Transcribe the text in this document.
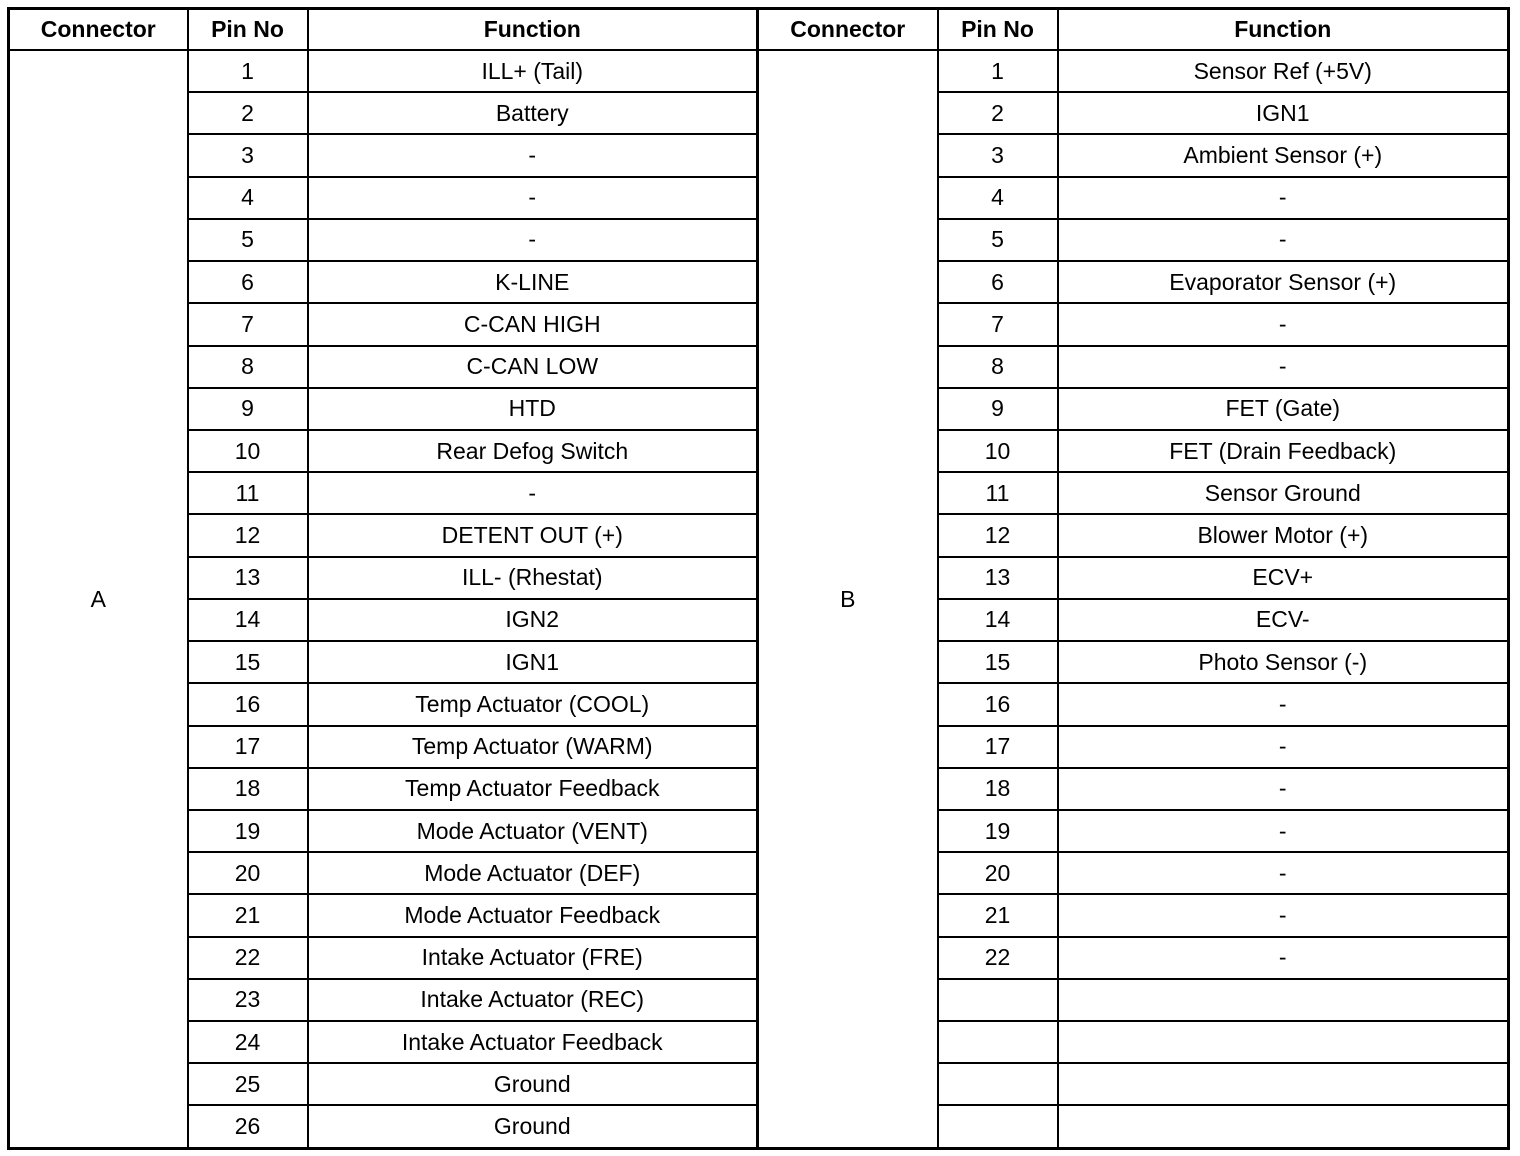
Connector	Pin No	Function	Connector	Pin No	Function
A	1	ILL+ (Tail)	B	1	Sensor Ref (+5V)
	2	Battery		2	IGN1
	3	-		3	Ambient Sensor (+)
	4	-		4	-
	5	-		5	-
	6	K-LINE		6	Evaporator Sensor (+)
	7	C-CAN HIGH		7	-
	8	C-CAN LOW		8	-
	9	HTD		9	FET (Gate)
	10	Rear Defog Switch		10	FET (Drain Feedback)
	11	-		11	Sensor Ground
	12	DETENT OUT (+)		12	Blower Motor (+)
	13	ILL- (Rhestat)		13	ECV+
	14	IGN2		14	ECV-
	15	IGN1		15	Photo Sensor (-)
	16	Temp Actuator (COOL)		16	-
	17	Temp Actuator (WARM)		17	-
	18	Temp Actuator Feedback		18	-
	19	Mode Actuator (VENT)		19	-
	20	Mode Actuator (DEF)		20	-
	21	Mode Actuator Feedback		21	-
	22	Intake Actuator (FRE)		22	-
	23	Intake Actuator (REC)			
	24	Intake Actuator Feedback			
	25	Ground			
	26	Ground			
